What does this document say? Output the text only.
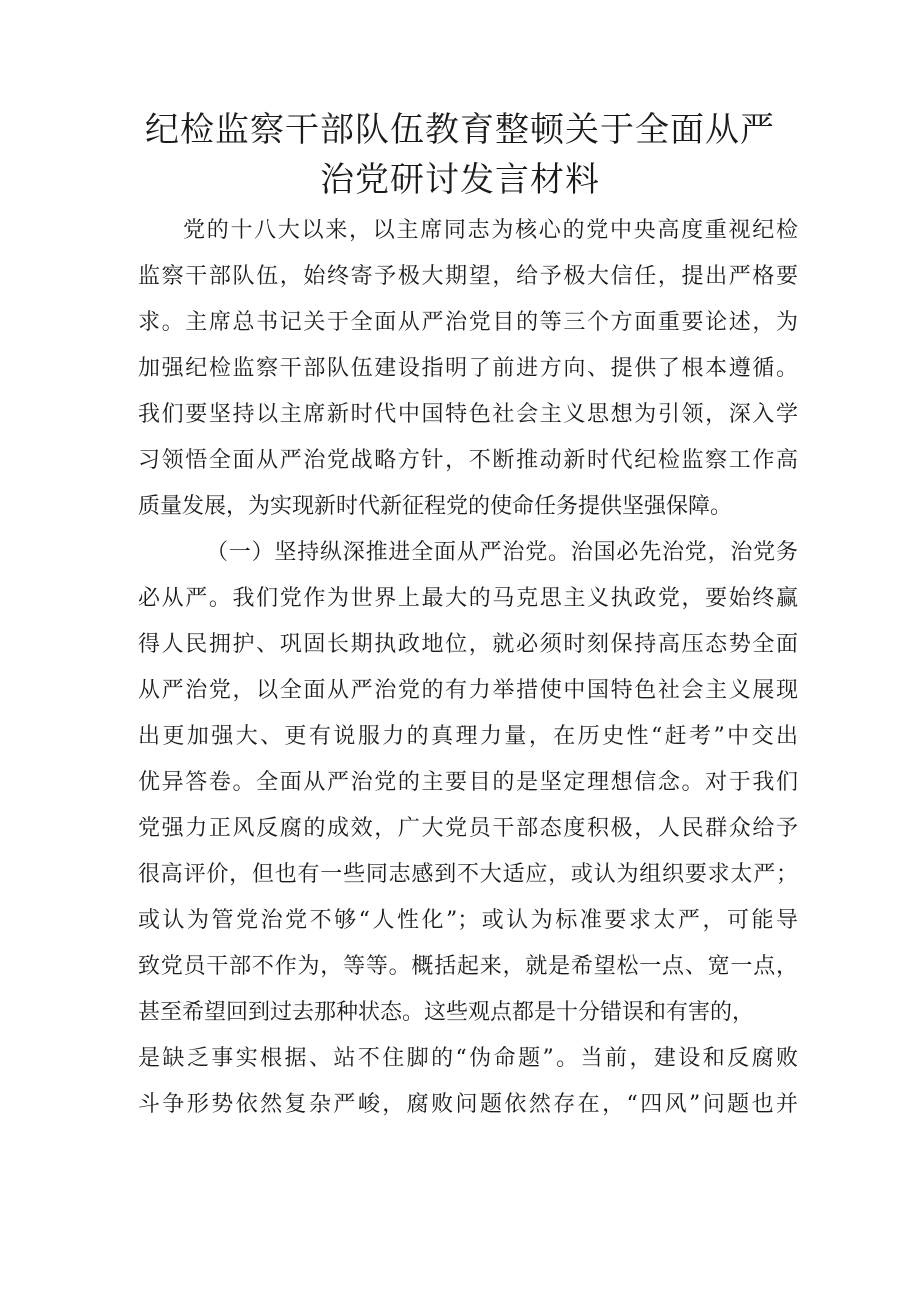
纪检监察干部队伍教育整顿关于全面从严
治党研讨发言材料
党的十八大以来，以主席同志为核心的党中央高度重视纪检
监察干部队伍，始终寄予极大期望，给予极大信任，提出严格要
求。主席总书记关于全面从严治党目的等三个方面重要论述，为
加强纪检监察干部队伍建设指明了前进方向、提供了根本遵循。
我们要坚持以主席新时代中国特色社会主义思想为引领，深入学
习领悟全面从严治党战略方针，不断推动新时代纪检监察工作高
质量发展，为实现新时代新征程党的使命任务提供坚强保障。
（一）坚持纵深推进全面从严治党。治国必先治党，治党务
必从严。我们党作为世界上最大的马克思主义执政党，要始终赢
得人民拥护、巩固长期执政地位，就必须时刻保持高压态势全面
从严治党，以全面从严治党的有力举措使中国特色社会主义展现
出更加强大、更有说服力的真理力量，在历史性“赶考”中交出
优异答卷。全面从严治党的主要目的是坚定理想信念。对于我们
党强力正风反腐的成效，广大党员干部态度积极，人民群众给予
很高评价，但也有一些同志感到不大适应，或认为组织要求太严；
或认为管党治党不够“人性化”；或认为标准要求太严，可能导
致党员干部不作为，等等。概括起来，就是希望松一点、宽一点，
甚至希望回到过去那种状态。这些观点都是十分错误和有害的，
是缺乏事实根据、站不住脚的“伪命题”。当前，建设和反腐败
斗争形势依然复杂严峻，腐败问题依然存在，“四风”问题也并
